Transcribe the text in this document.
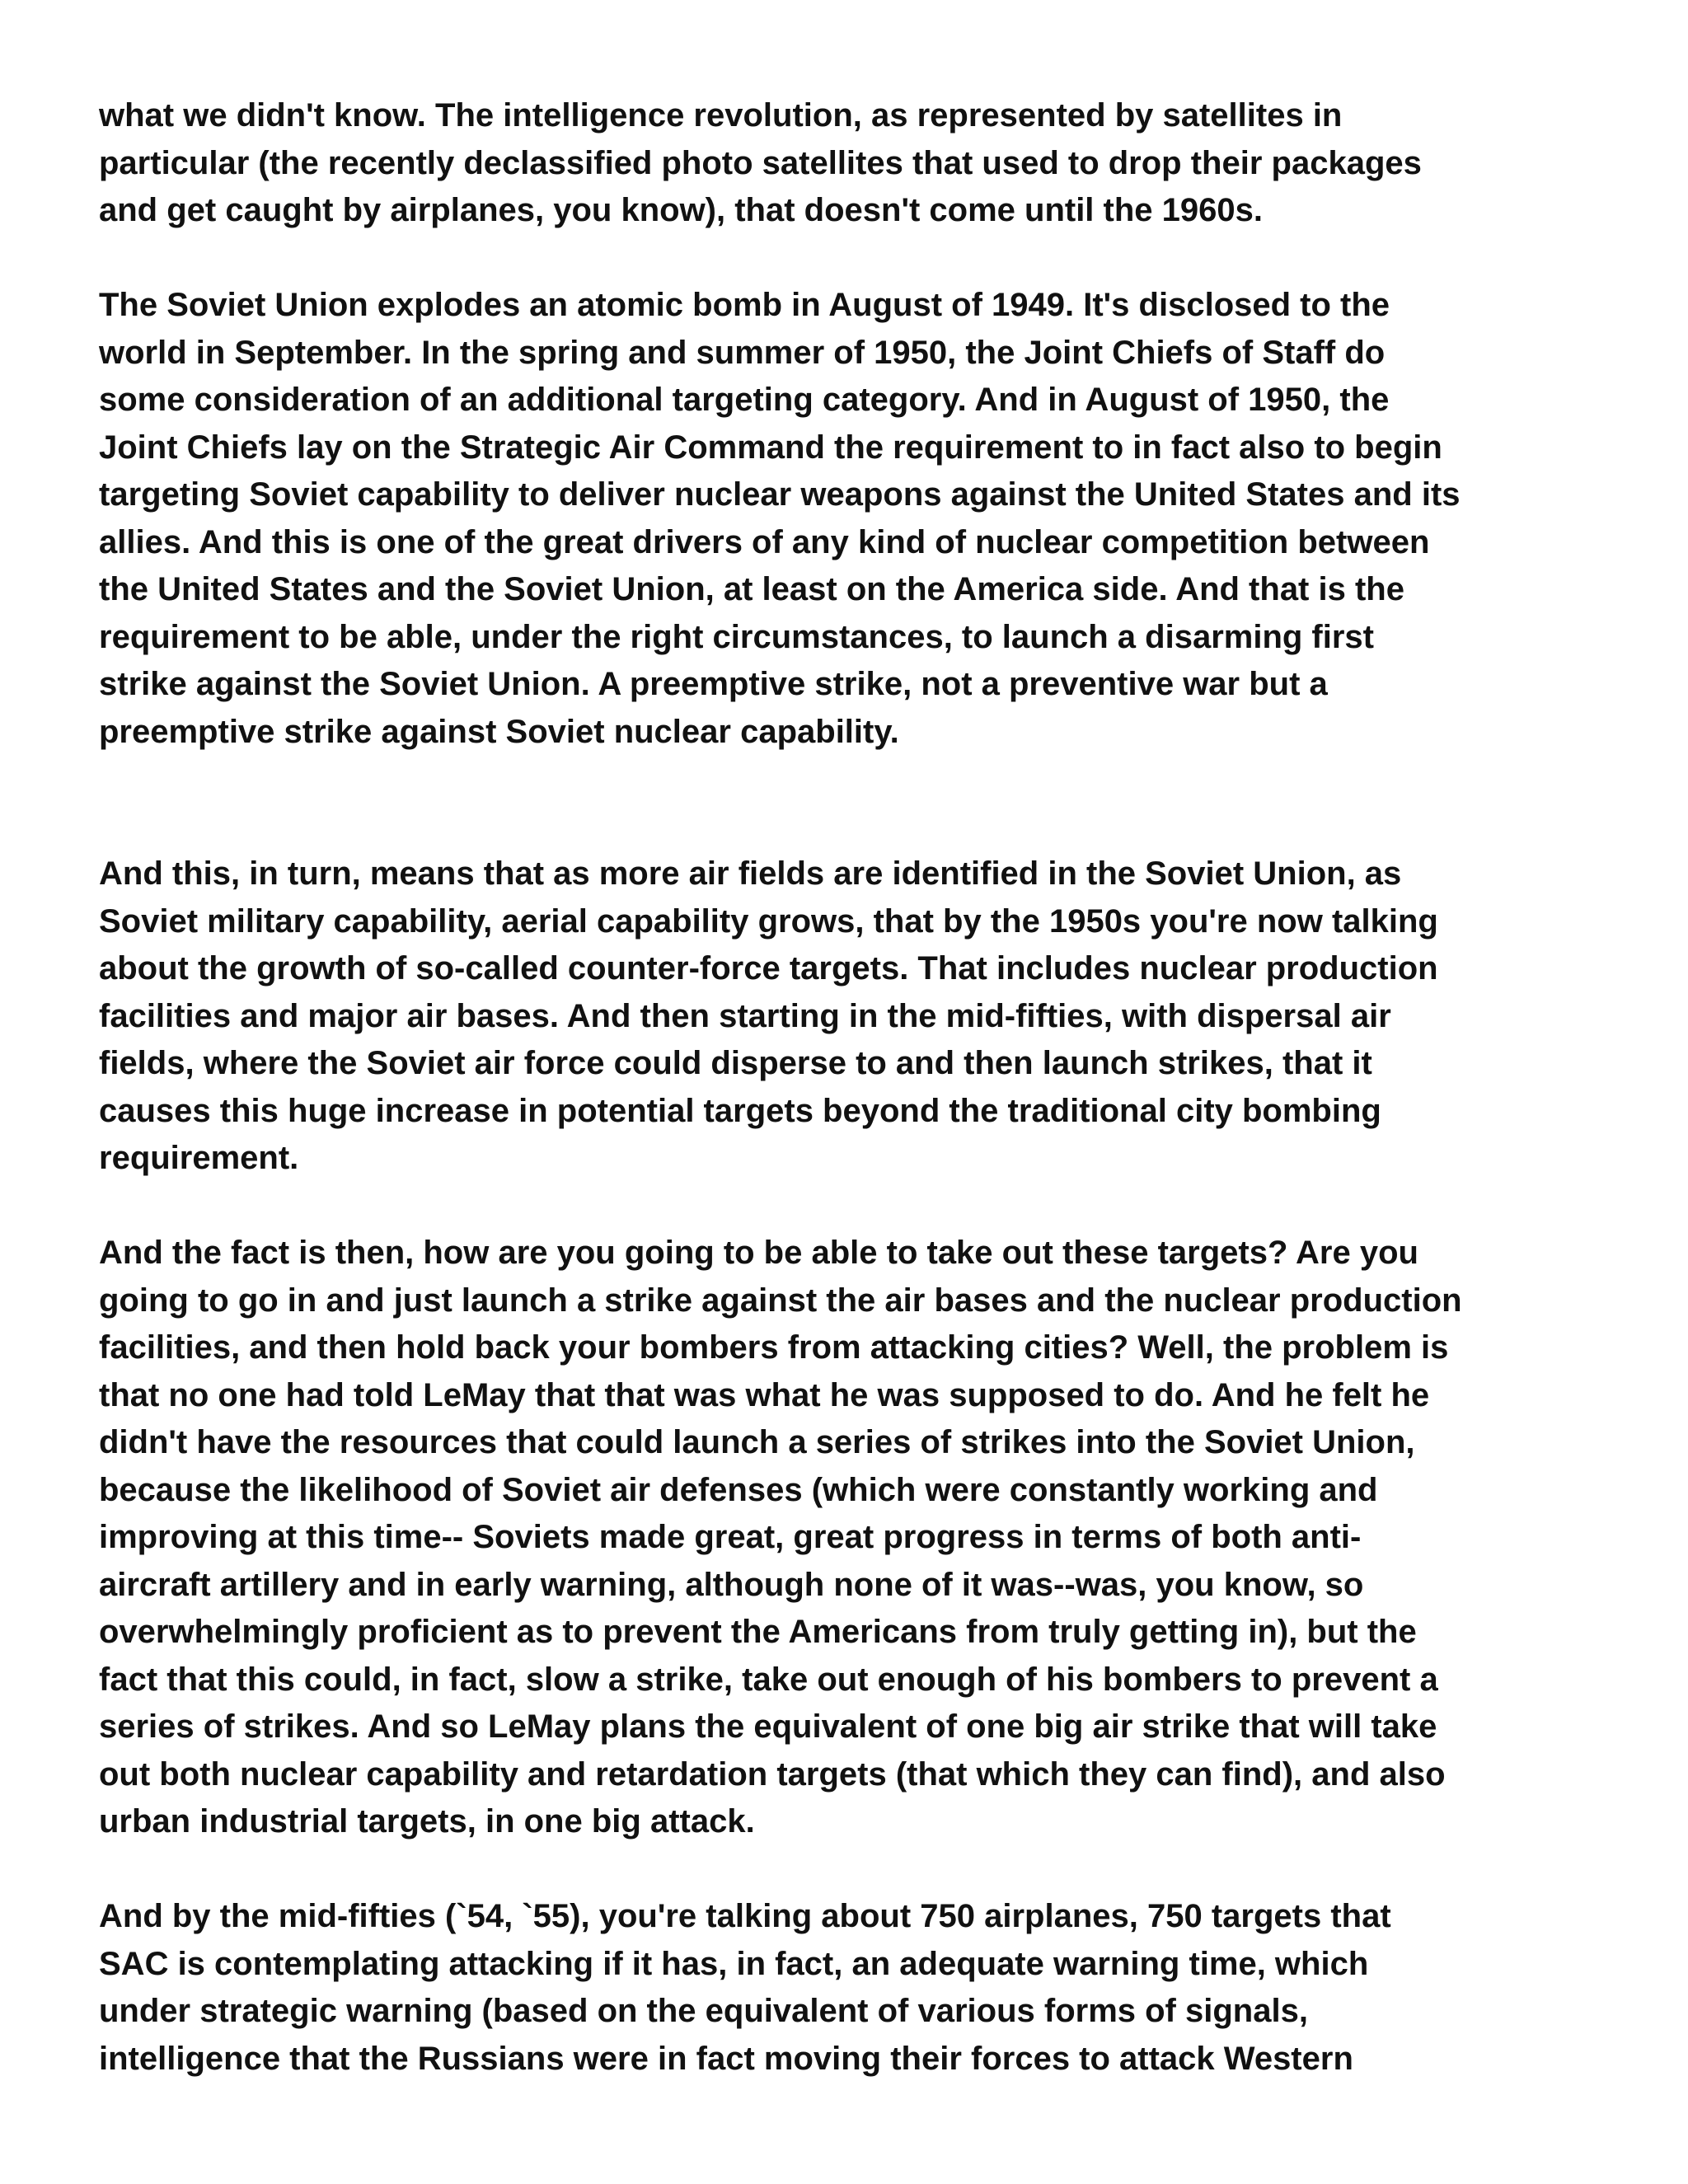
what we didn't know. The intelligence revolution, as represented by satellites in
particular (the recently declassified photo satellites that used to drop their packages
and get caught by airplanes, you know), that doesn't come until the 1960s.

The Soviet Union explodes an atomic bomb in August of 1949. It's disclosed to the
world in September. In the spring and summer of 1950, the Joint Chiefs of Staff do
some consideration of an additional targeting category. And in August of 1950, the
Joint Chiefs lay on the Strategic Air Command the requirement to in fact also to begin
targeting Soviet capability to deliver nuclear weapons against the United States and its
allies. And this is one of the great drivers of any kind of nuclear competition between
the United States and the Soviet Union, at least on the America side. And that is the
requirement to be able, under the right circumstances, to launch a disarming first
strike against the Soviet Union. A preemptive strike, not a preventive war but a
preemptive strike against Soviet nuclear capability.

And this, in turn, means that as more air fields are identified in the Soviet Union, as
Soviet military capability, aerial capability grows, that by the 1950s you're now talking
about the growth of so-called counter-force targets. That includes nuclear production
facilities and major air bases. And then starting in the mid-fifties, with dispersal air
fields, where the Soviet air force could disperse to and then launch strikes, that it
causes this huge increase in potential targets beyond the traditional city bombing
requirement.

And the fact is then, how are you going to be able to take out these targets? Are you
going to go in and just launch a strike against the air bases and the nuclear production
facilities, and then hold back your bombers from attacking cities? Well, the problem is
that no one had told LeMay that that was what he was supposed to do. And he felt he
didn't have the resources that could launch a series of strikes into the Soviet Union,
because the likelihood of Soviet air defenses (which were constantly working and
improving at this time-- Soviets made great, great progress in terms of both anti-
aircraft artillery and in early warning, although none of it was--was, you know, so
overwhelmingly proficient as to prevent the Americans from truly getting in), but the
fact that this could, in fact, slow a strike, take out enough of his bombers to prevent a
series of strikes. And so LeMay plans the equivalent of one big air strike that will take
out both nuclear capability and retardation targets (that which they can find), and also
urban industrial targets, in one big attack.

And by the mid-fifties (`54, `55), you're talking about 750 airplanes, 750 targets that
SAC is contemplating attacking if it has, in fact, an adequate warning time, which
under strategic warning (based on the equivalent of various forms of signals,
intelligence that the Russians were in fact moving their forces to attack Western
